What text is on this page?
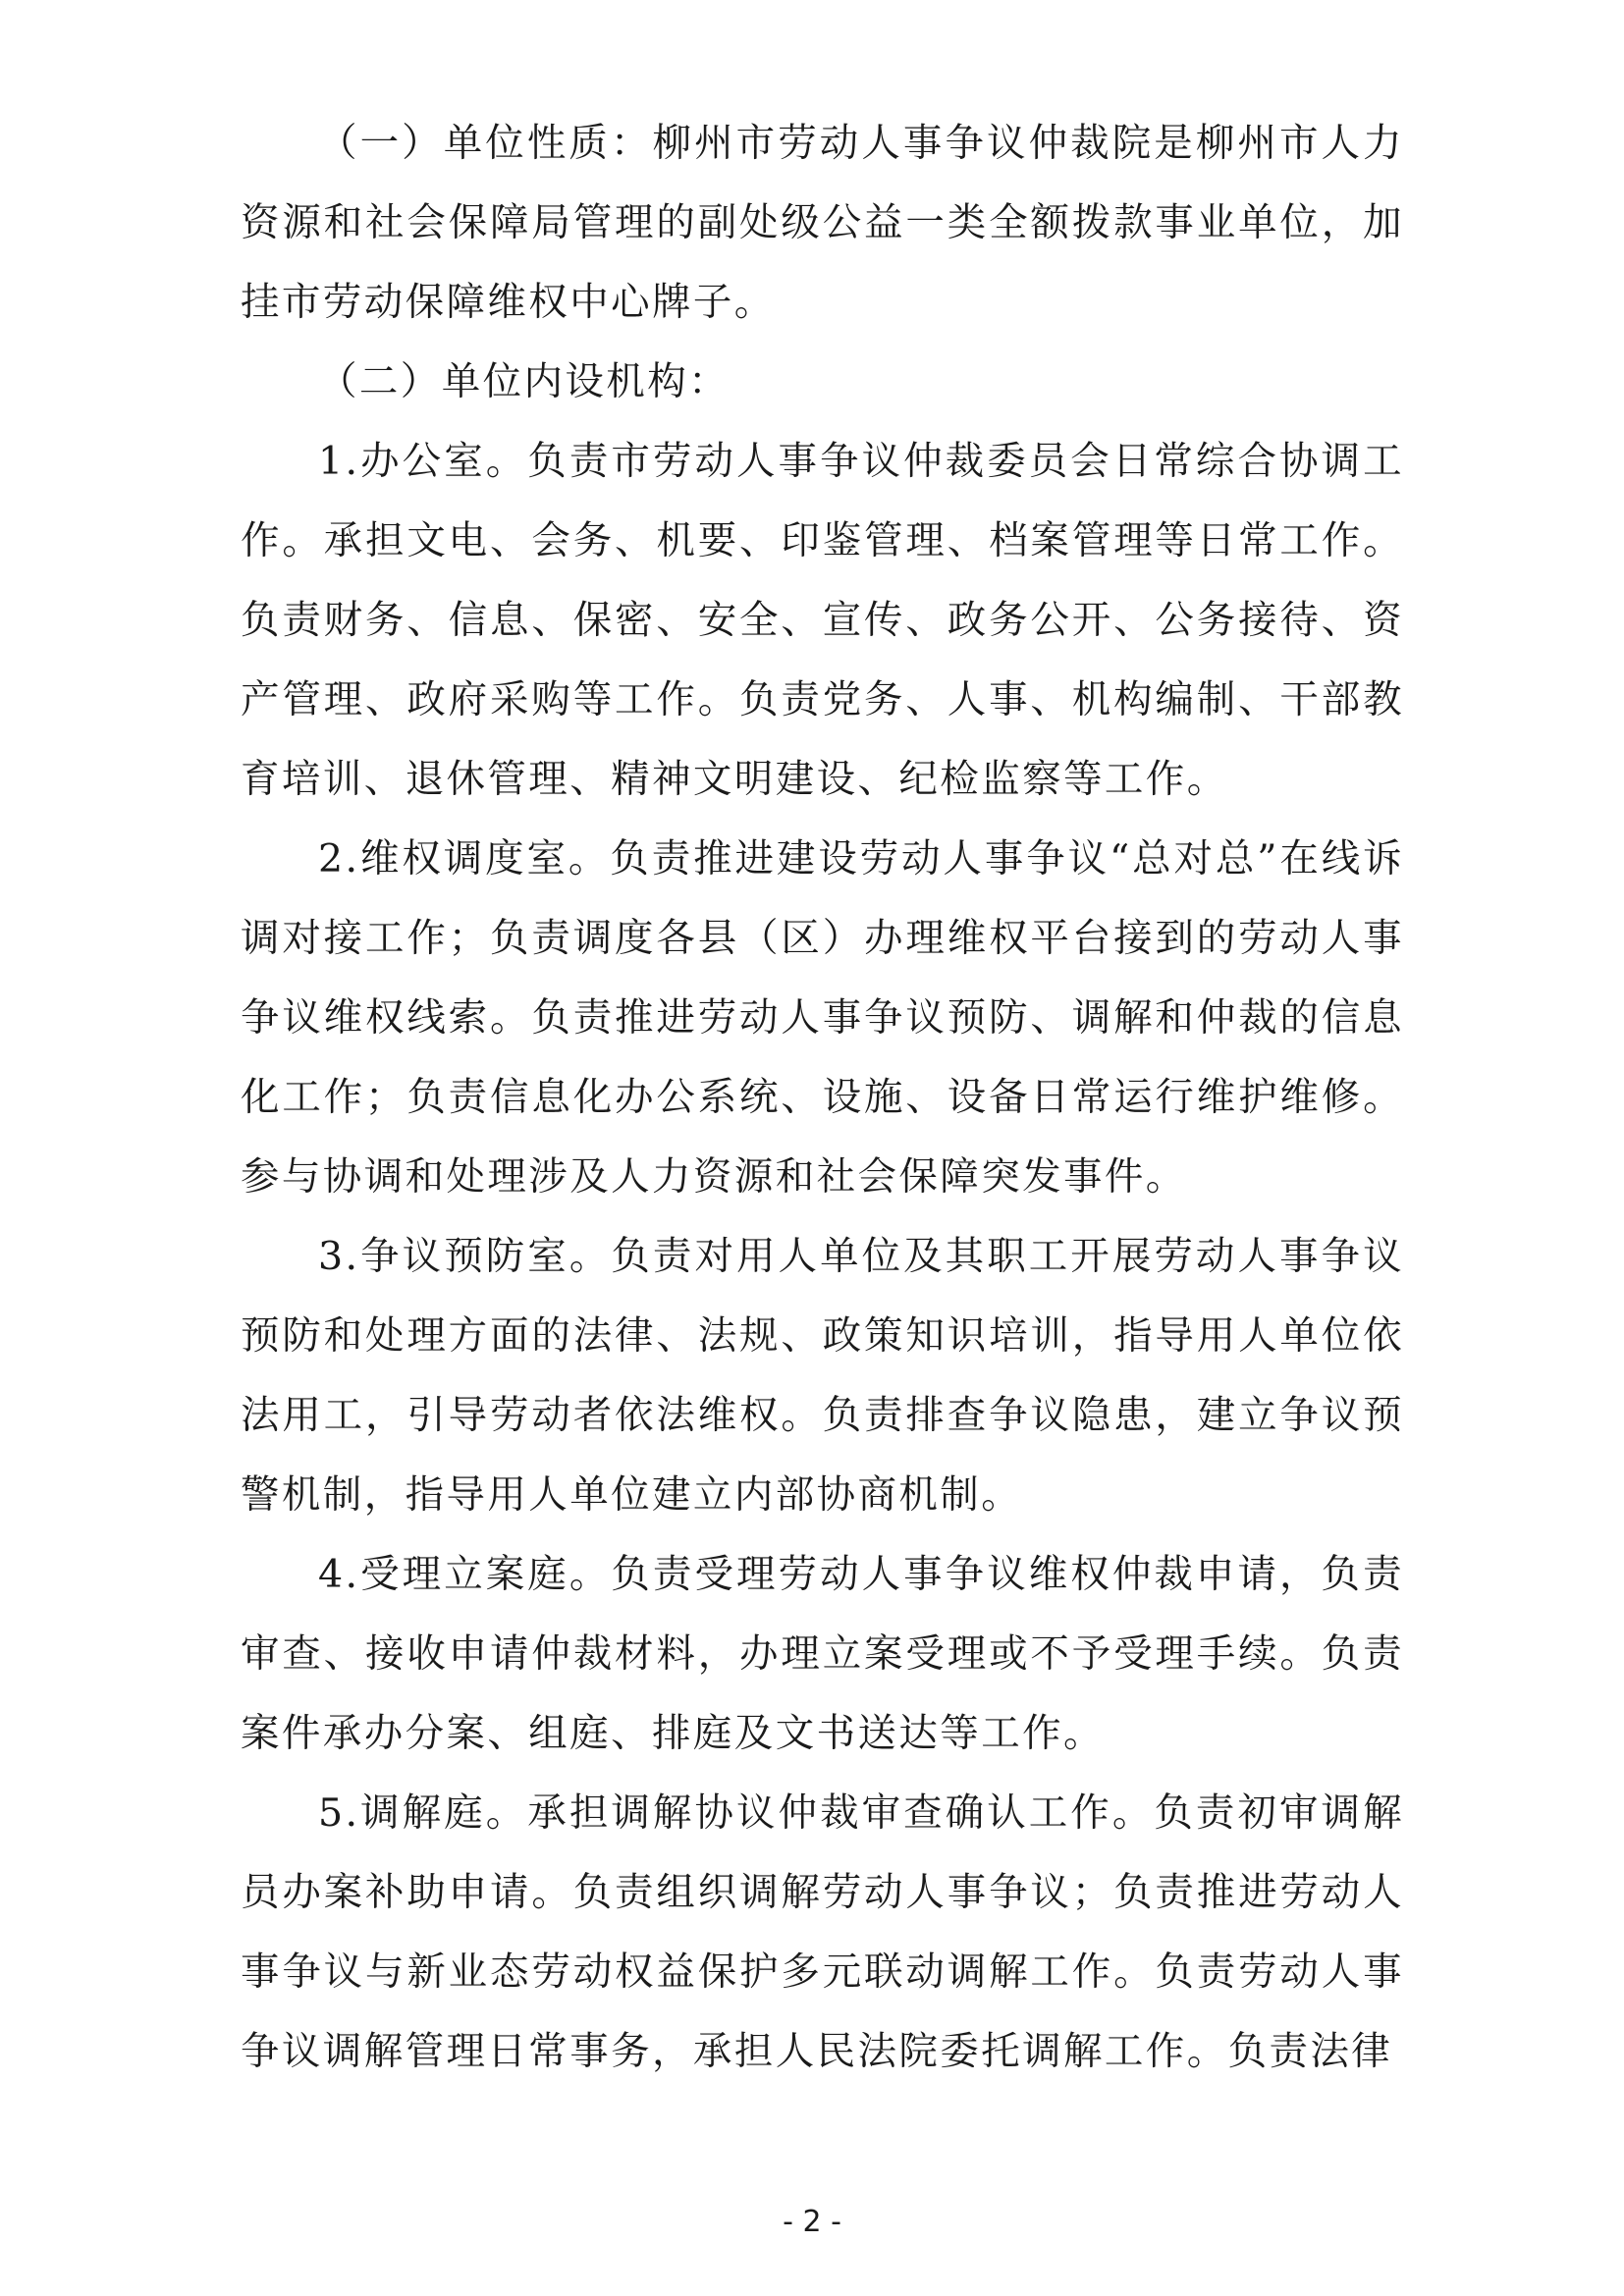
（一）单位性质：柳州市劳动人事争议仲裁院是柳州市人力资源和社会保障局管理的副处级公益一类全额拨款事业单位，加挂市劳动保障维权中心牌子。

（二）单位内设机构：

1.办公室。负责市劳动人事争议仲裁委员会日常综合协调工作。承担文电、会务、机要、印鉴管理、档案管理等日常工作。负责财务、信息、保密、安全、宣传、政务公开、公务接待、资产管理、政府采购等工作。负责党务、人事、机构编制、干部教育培训、退休管理、精神文明建设、纪检监察等工作。

2.维权调度室。负责推进建设劳动人事争议“总对总”在线诉调对接工作；负责调度各县（区）办理维权平台接到的劳动人事争议维权线索。负责推进劳动人事争议预防、调解和仲裁的信息化工作；负责信息化办公系统、设施、设备日常运行维护维修。参与协调和处理涉及人力资源和社会保障突发事件。

3.争议预防室。负责对用人单位及其职工开展劳动人事争议预防和处理方面的法律、法规、政策知识培训，指导用人单位依法用工，引导劳动者依法维权。负责排查争议隐患，建立争议预警机制，指导用人单位建立内部协商机制。

4.受理立案庭。负责受理劳动人事争议维权仲裁申请，负责审查、接收申请仲裁材料，办理立案受理或不予受理手续。负责案件承办分案、组庭、排庭及文书送达等工作。

5.调解庭。承担调解协议仲裁审查确认工作。负责初审调解员办案补助申请。负责组织调解劳动人事争议；负责推进劳动人事争议与新业态劳动权益保护多元联动调解工作。负责劳动人事争议调解管理日常事务，承担人民法院委托调解工作。负责法律

- 2 -
